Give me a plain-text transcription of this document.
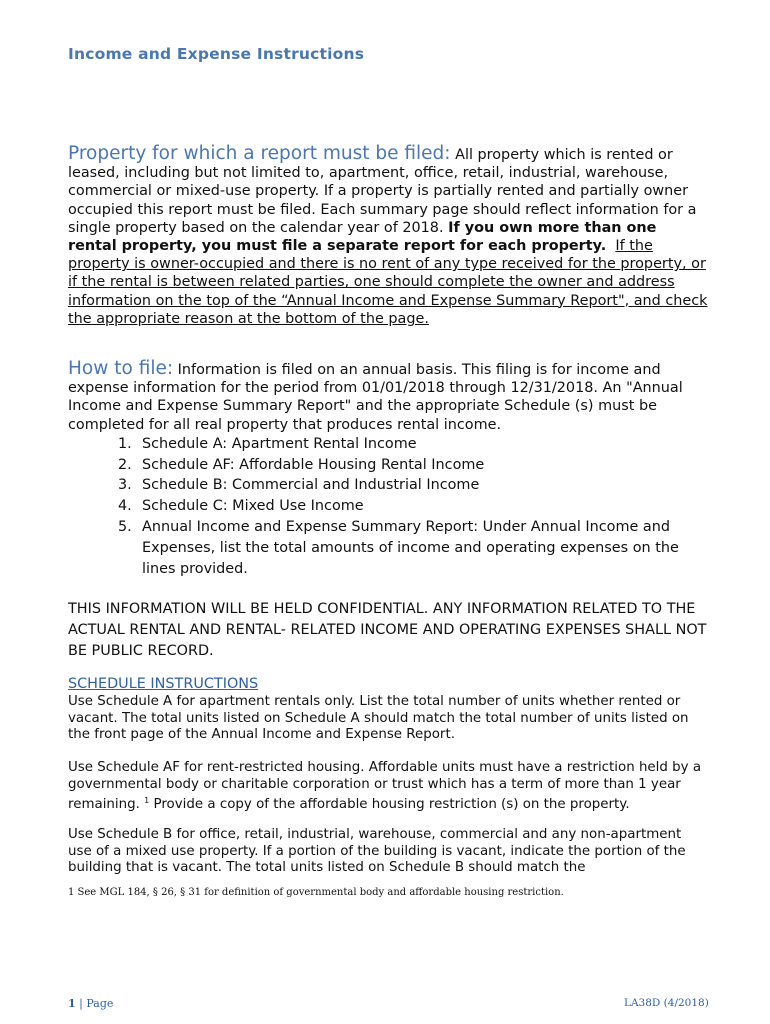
Income and Expense Instructions
Property for which a report must be filed: All property which is rented or leased, including but not limited to, apartment, office, retail, industrial, warehouse, commercial or mixed-use property. If a property is partially rented and partially owner occupied this report must be filed. Each summary page should reflect information for a single property based on the calendar year of 2018. If you own more than one rental property, you must file a separate report for each property. If the property is owner-occupied and there is no rent of any type received for the property, or if the rental is between related parties, one should complete the owner and address information on the top of the “Annual Income and Expense Summary Report", and check the appropriate reason at the bottom of the page.
How to file: Information is filed on an annual basis. This filing is for income and expense information for the period from 01/01/2018 through 12/31/2018. An "Annual Income and Expense Summary Report" and the appropriate Schedule (s) must be completed for all real property that produces rental income.
1. Schedule A: Apartment Rental Income
2. Schedule AF: Affordable Housing Rental Income
3. Schedule B: Commercial and Industrial Income
4. Schedule C: Mixed Use Income
5. Annual Income and Expense Summary Report: Under Annual Income and Expenses, list the total amounts of income and operating expenses on the lines provided.
THIS INFORMATION WILL BE HELD CONFIDENTIAL. ANY INFORMATION RELATED TO THE ACTUAL RENTAL AND RENTAL- RELATED INCOME AND OPERATING EXPENSES SHALL NOT BE PUBLIC RECORD.
SCHEDULE INSTRUCTIONS
Use Schedule A for apartment rentals only. List the total number of units whether rented or vacant. The total units listed on Schedule A should match the total number of units listed on the front page of the Annual Income and Expense Report.
Use Schedule AF for rent-restricted housing. Affordable units must have a restriction held by a governmental body or charitable corporation or trust which has a term of more than 1 year remaining. $^1$ Provide a copy of the affordable housing restriction (s) on the property.
Use Schedule B for office, retail, industrial, warehouse, commercial and any non-apartment use of a mixed use property. If a portion of the building is vacant, indicate the portion of the building that is vacant. The total units listed on Schedule B should match the
1 See MGL 184, § 26, § 31 for definition of governmental body and affordable housing restriction.
1 | Page	LA38D (4/2018)
